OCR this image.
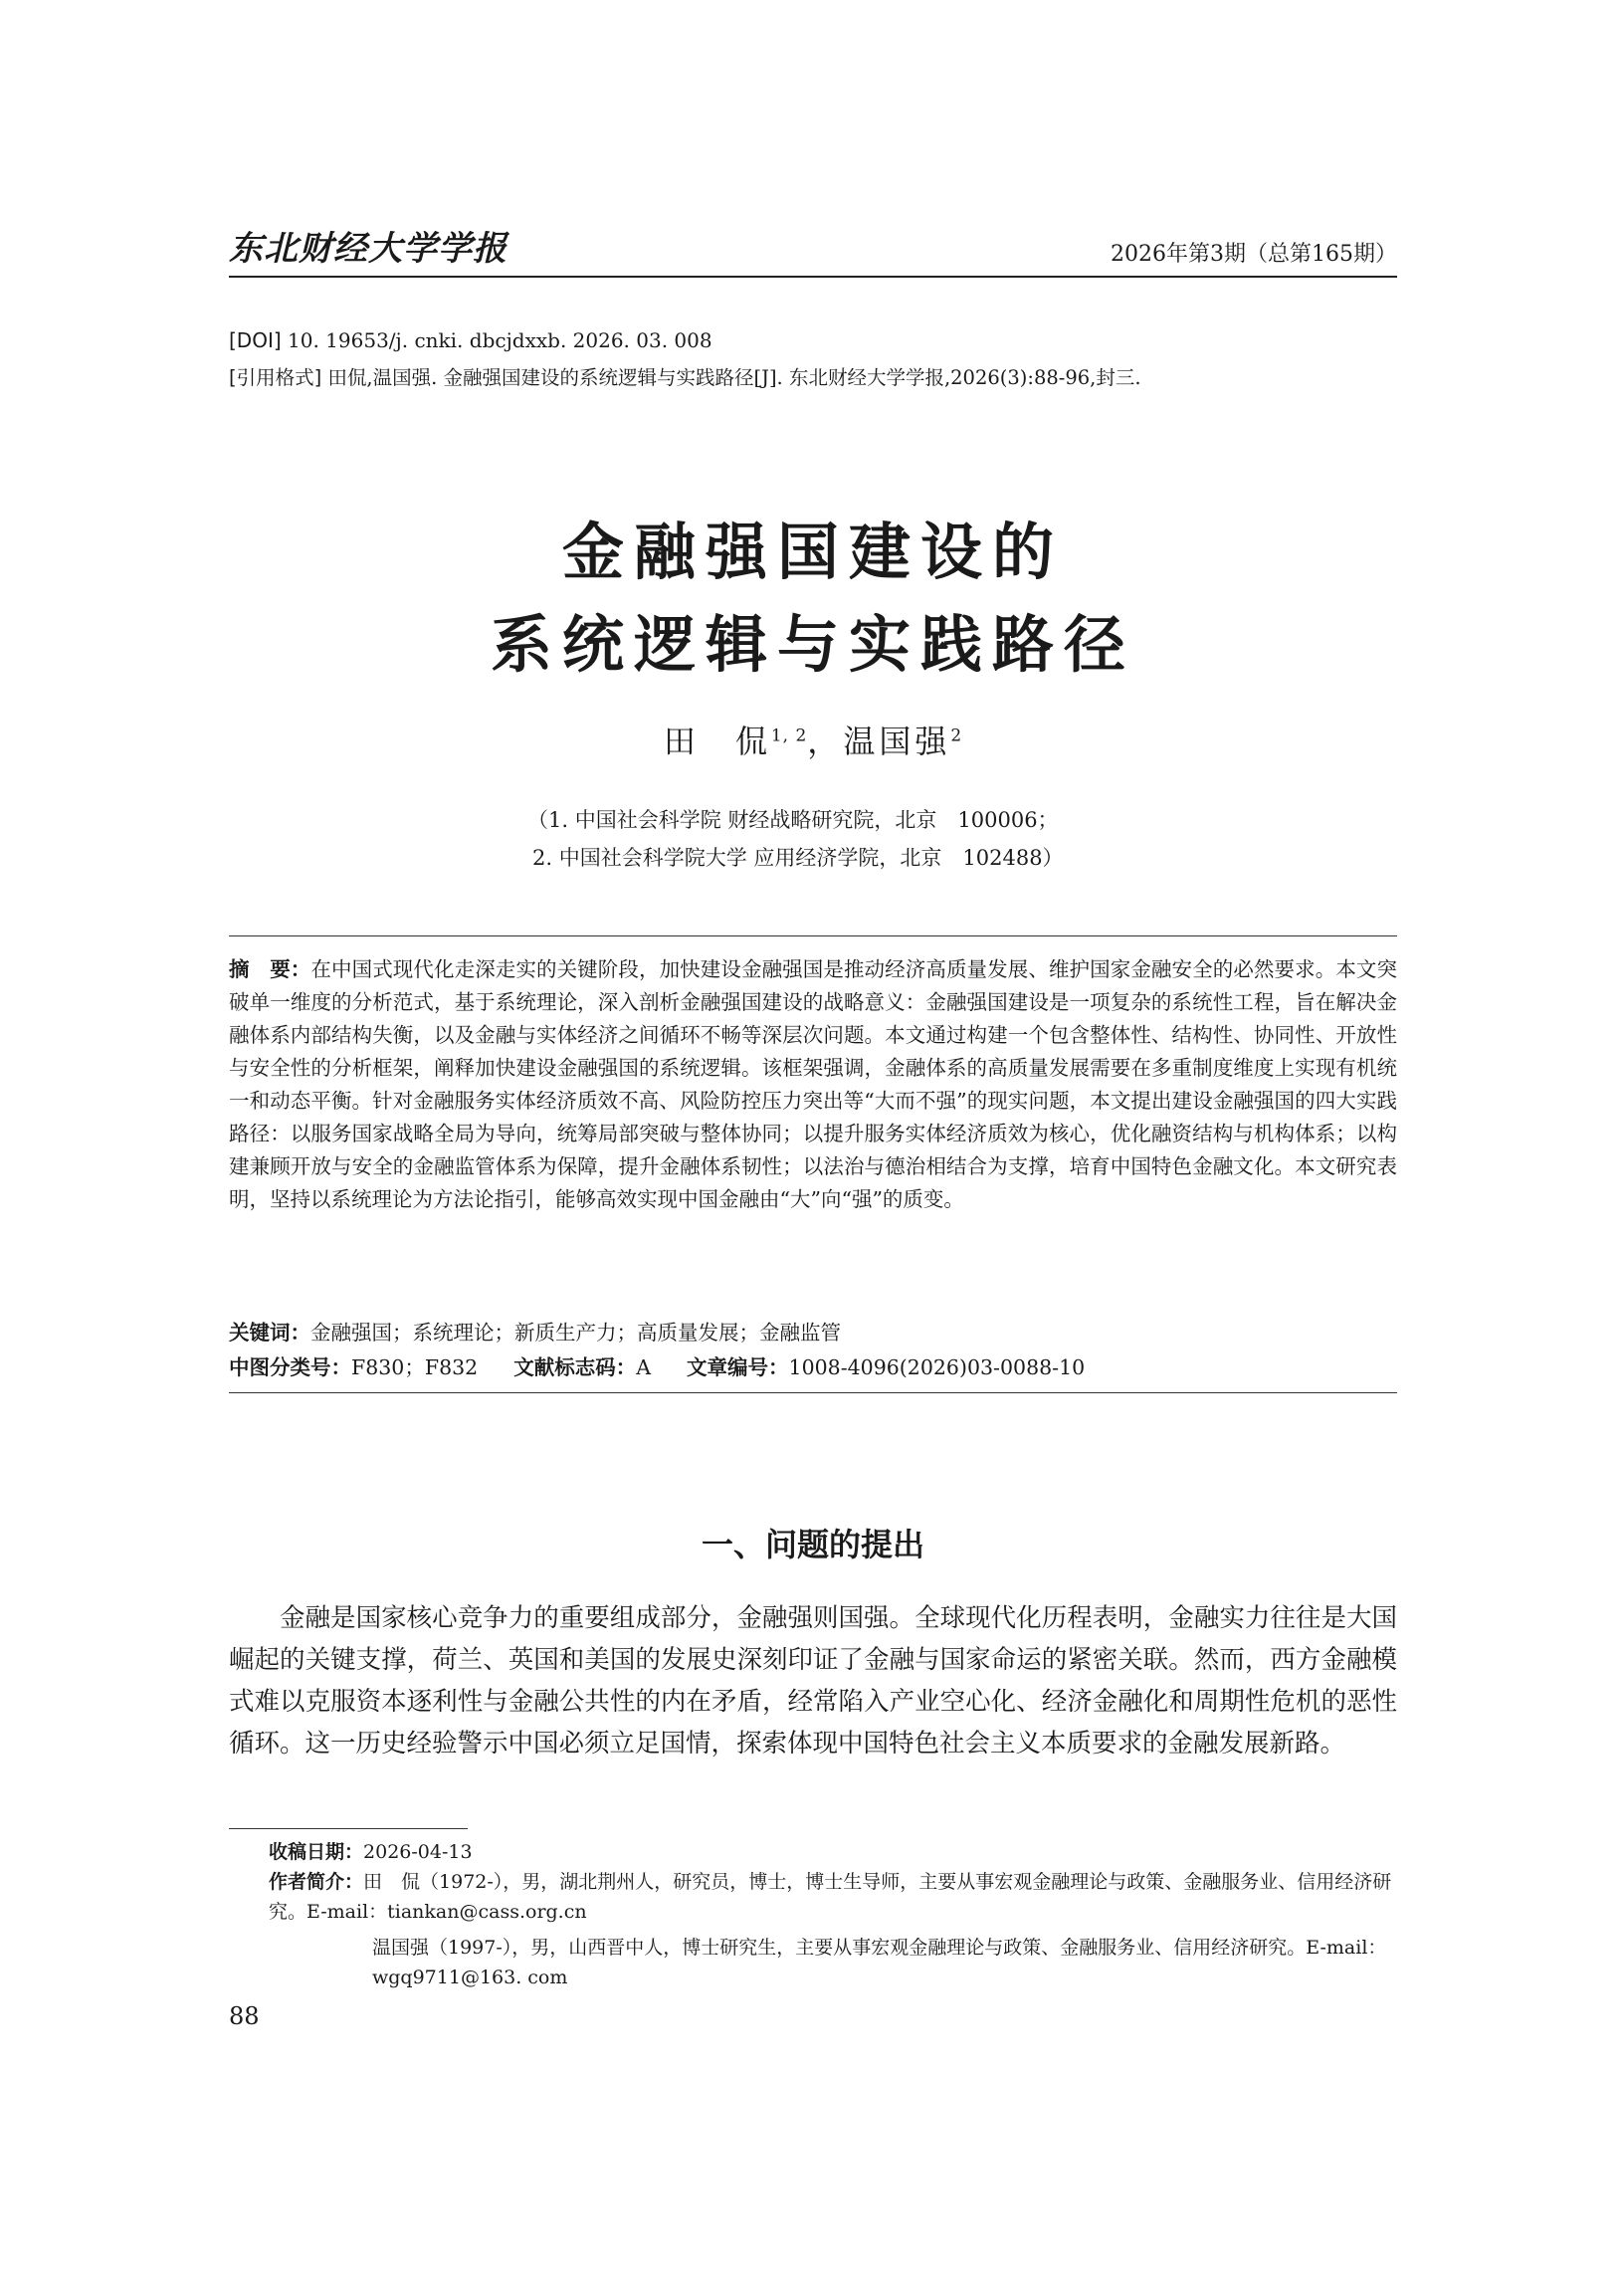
东北财经大学学报	2026年第3期（总第165期）
[DOI] 10. 19653/j. cnki. dbcjdxxb. 2026. 03. 008
[引用格式] 田侃,温国强. 金融强国建设的系统逻辑与实践路径[J]. 东北财经大学学报,2026(3):88-96,封三.
金融强国建设的
系统逻辑与实践路径
田　侃$^{1, 2}$，温国强$^2$
（1. 中国社会科学院 财经战略研究院，北京　100006；
2. 中国社会科学院大学 应用经济学院，北京　102488）
摘　要：在中国式现代化走深走实的关键阶段，加快建设金融强国是推动经济高质量发展、维护国家金融安全的必然要求。本文突破单一维度的分析范式，基于系统理论，深入剖析金融强国建设的战略意义：金融强国建设是一项复杂的系统性工程，旨在解决金融体系内部结构失衡，以及金融与实体经济之间循环不畅等深层次问题。本文通过构建一个包含整体性、结构性、协同性、开放性与安全性的分析框架，阐释加快建设金融强国的系统逻辑。该框架强调，金融体系的高质量发展需要在多重制度维度上实现有机统一和动态平衡。针对金融服务实体经济质效不高、风险防控压力突出等“大而不强”的现实问题，本文提出建设金融强国的四大实践路径：以服务国家战略全局为导向，统筹局部突破与整体协同；以提升服务实体经济质效为核心，优化融资结构与机构体系；以构建兼顾开放与安全的金融监管体系为保障，提升金融体系韧性；以法治与德治相结合为支撑，培育中国特色金融文化。本文研究表明，坚持以系统理论为方法论指引，能够高效实现中国金融由“大”向“强”的质变。
关键词：金融强国；系统理论；新质生产力；高质量发展；金融监管
中图分类号：F830；F832 文献标志码：A 文章编号：1008-4096(2026)03-0088-10
一、问题的提出
金融是国家核心竞争力的重要组成部分，金融强则国强。全球现代化历程表明，金融实力往往是大国崛起的关键支撑，荷兰、英国和美国的发展史深刻印证了金融与国家命运的紧密关联。然而，西方金融模式难以克服资本逐利性与金融公共性的内在矛盾，经常陷入产业空心化、经济金融化和周期性危机的恶性循环。这一历史经验警示中国必须立足国情，探索体现中国特色社会主义本质要求的金融发展新路。
收稿日期：2026-04-13
作者简介：田　侃（1972-），男，湖北荆州人，研究员，博士，博士生导师，主要从事宏观金融理论与政策、金融服务业、信用经济研究。E-mail：tiankan@cass.org.cn
温国强（1997-），男，山西晋中人，博士研究生，主要从事宏观金融理论与政策、金融服务业、信用经济研究。E-mail：wgq9711@163. com
88
